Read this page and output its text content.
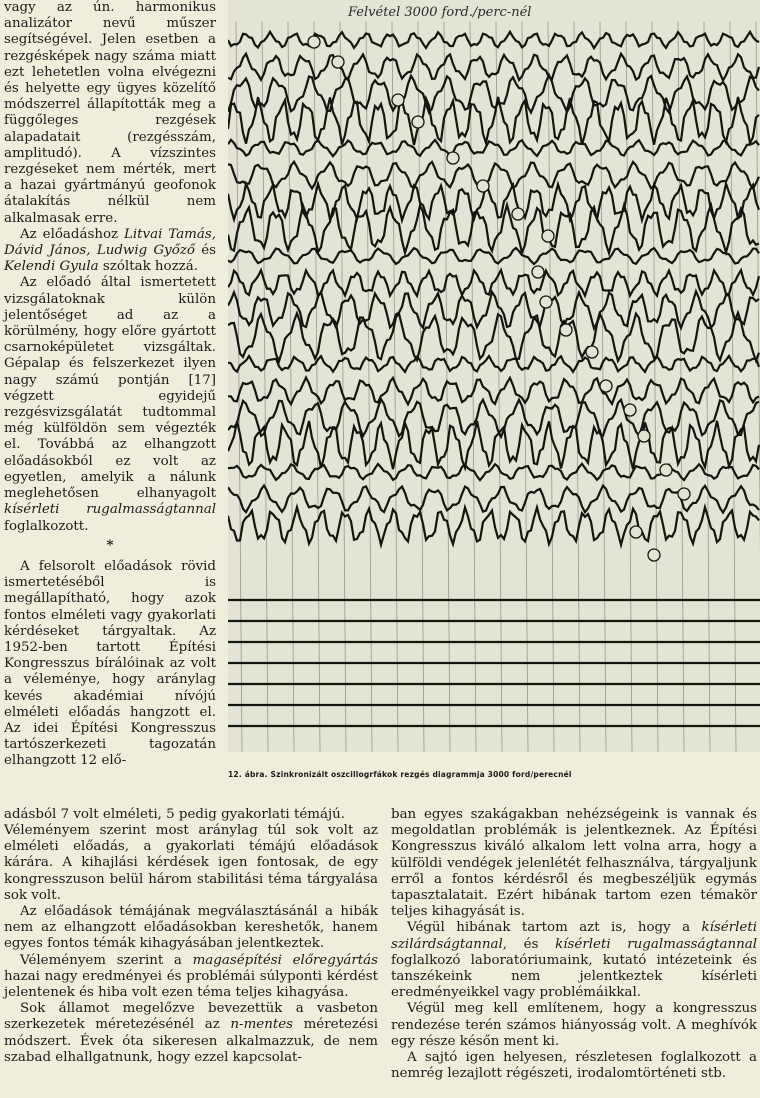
vagy az ún. harmonikus analizátor nevű műszer segítségével. Jelen esetben a rezgésképek nagy száma miatt ezt lehetetlen volna elvégezni és helyette egy ügyes közelítő módszerrel állapították meg a függőleges rezgések alapadatait (rezgésszám, amplitudó). A vízszintes rezgéseket nem mérték, mert a hazai gyártmányú geofonok átalakítás nélkül nem alkalmasak erre.

Az előadáshoz Litvai Tamás, Dávid János, Ludwig Győző és Kelendi Gyula szóltak hozzá.

Az előadó által ismertetett vizsgálatoknak külön jelentőséget ad az a körülmény, hogy előre gyártott csarnoképületet vizsgáltak. Gépalap és felszerkezet ilyen nagy számú pontján [17] végzett egyidejű rezgésvizsgálatát tudtommal még külföldön sem végezték el. Továbbá az elhangzott előadásokból ez volt az egyetlen, amelyik a nálunk meglehetősen elhanyagolt kísérleti rugalmasságtannal foglalkozott.

*

A felsorolt előadások rövid ismertetéséből is megállapítható, hogy azok fontos elméleti vagy gyakorlati kérdéseket tárgyaltak. Az 1952-ben tartott Építési Kongresszus bírálóinak az volt a véleménye, hogy aránylag kevés akadémiai nívójú elméleti előadás hangzott el. Az idei Építési Kongresszus tartószerkezeti tagozatán elhangzott 12 elő-

Felvétel 3000 ford./perc-nél
12. ábra. Szinkronizált oszcillogrfákok rezgés diagrammja 3000 ford/perecnél
adásból 7 volt elméleti, 5 pedig gyakorlati témájú.

Véleményem szerint most aránylag túl sok volt az elméleti előadás, a gyakorlati témájú előadások kárára. A kihajlási kérdések igen fontosak, de egy kongresszuson belül három stabilitási téma tárgyalása sok volt.

Az előadások témájának megválasztásánál a hibák nem az elhangzott előadásokban kereshetők, hanem egyes fontos témák kihagyásában jelentkeztek.

Véleményem szerint a magasépítési előregyártás hazai nagy eredményei és problémái súlyponti kérdést jelentenek és hiba volt ezen téma teljes kihagyása.

Sok államot megelőzve bevezettük a vasbeton szerkezetek méretezésénél az n-mentes méretezési módszert. Évek óta sikeresen alkalmazzuk, de nem szabad elhallgatnunk, hogy ezzel kapcsolat-

ban egyes szakágakban nehézségeink is vannak és megoldatlan problémák is jelentkeznek. Az Építési Kongresszus kiváló alkalom lett volna arra, hogy a külföldi vendégek jelenlétét felhasználva, tárgyaljunk erről a fontos kérdésről és megbeszéljük egymás tapasztalatait. Ezért hibának tartom ezen témakör teljes kihagyását is.

Végül hibának tartom azt is, hogy a kísérleti szilárdságtannal, és kísérleti rugalmasságtannal foglalkozó laboratóriumaink, kutató intézeteink és tanszékeink nem jelentkeztek kísérleti eredményeikkel vagy problémáikkal.

Végül meg kell említenem, hogy a kongresszus rendezése terén számos hiányosság volt. A meghívók egy része későn ment ki.

A sajtó igen helyesen, részletesen foglalkozott a nemrég lezajlott régészeti, irodalomtörténeti stb.
